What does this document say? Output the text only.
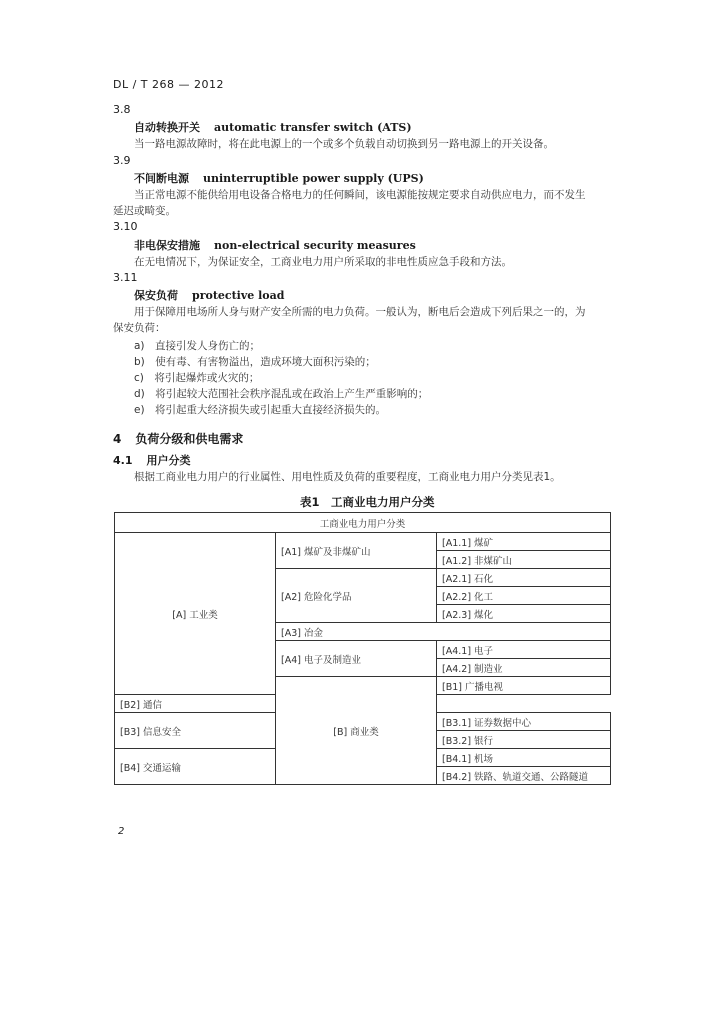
DL / T 268 — 2012
3.8
自动转换开关 automatic transfer switch (ATS)
当一路电源故障时，将在此电源上的一个或多个负载自动切换到另一路电源上的开关设备。
3.9
不间断电源 uninterruptible power supply (UPS)
当正常电源不能供给用电设备合格电力的任何瞬间，该电源能按规定要求自动供应电力，而不发生
延迟或畸变。
3.10
非电保安措施 non-electrical security measures
在无电情况下，为保证安全，工商业电力用户所采取的非电性质应急手段和方法。
3.11
保安负荷 protective load
用于保障用电场所人身与财产安全所需的电力负荷。一般认为，断电后会造成下列后果之一的，为
保安负荷：
a)　直接引发人身伤亡的；
b)　使有毒、有害物溢出，造成环境大面积污染的；
c)　将引起爆炸或火灾的；
d)　将引起较大范围社会秩序混乱或在政治上产生严重影响的；
e)　将引起重大经济损失或引起重大直接经济损失的。
4 负荷分级和供电需求
4.1 用户分类
根据工商业电力用户的行业属性、用电性质及负荷的重要程度，工商业电力用户分类见表1。
表1　工商业电力用户分类
工商业电力用户分类		
[A] 工业类	[A1] 煤矿及非煤矿山	[A1.1] 煤矿
		[A1.2] 非煤矿山
	[A2] 危险化学品	[A2.1] 石化
		[A2.2] 化工
		[A2.3] 煤化
	[A3] 冶金	
	[A4] 电子及制造业	[A4.1] 电子
		[A4.2] 制造业
	[B] 商业类	[B1] 广播电视
[B2] 通信		
[B3] 信息安全		[B3.1] 证券数据中心
		[B3.2] 银行
[B4] 交通运输		[B4.1] 机场
		[B4.2] 铁路、轨道交通、公路隧道
2
